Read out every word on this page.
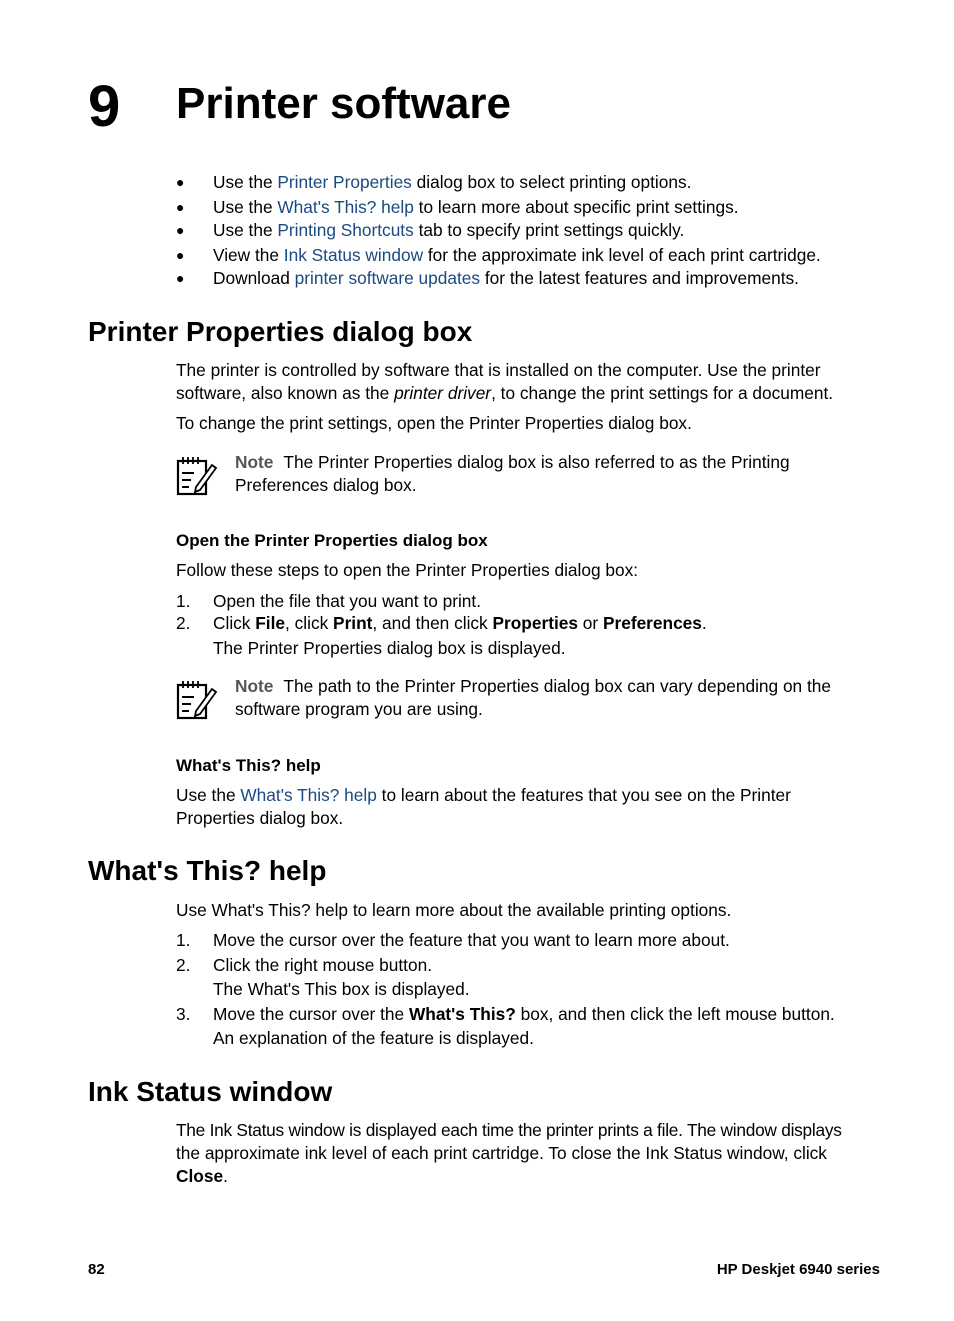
9 Printer software
● Use the Printer Properties dialog box to select printing options.
● Use the What's This? help to learn more about specific print settings.
● Use the Printing Shortcuts tab to specify print settings quickly.
● View the Ink Status window for the approximate ink level of each print cartridge.
● Download printer software updates for the latest features and improvements.
Printer Properties dialog box
The printer is controlled by software that is installed on the computer. Use the printer
software, also known as the printer driver, to change the print settings for a document.
To change the print settings, open the Printer Properties dialog box.
Note The Printer Properties dialog box is also referred to as the Printing
Preferences dialog box.
Open the Printer Properties dialog box
Follow these steps to open the Printer Properties dialog box:
1. Open the file that you want to print.
2. Click File, click Print, and then click Properties or Preferences.
The Printer Properties dialog box is displayed.
Note The path to the Printer Properties dialog box can vary depending on the
software program you are using.
What's This? help
Use the What's This? help to learn about the features that you see on the Printer
Properties dialog box.
What's This? help
Use What's This? help to learn more about the available printing options.
1. Move the cursor over the feature that you want to learn more about.
2. Click the right mouse button.
The What's This box is displayed.
3. Move the cursor over the What's This? box, and then click the left mouse button.
An explanation of the feature is displayed.
Ink Status window
The Ink Status window is displayed each time the printer prints a file. The window displays
the approximate ink level of each print cartridge. To close the Ink Status window, click
Close.
82	HP Deskjet 6940 series
